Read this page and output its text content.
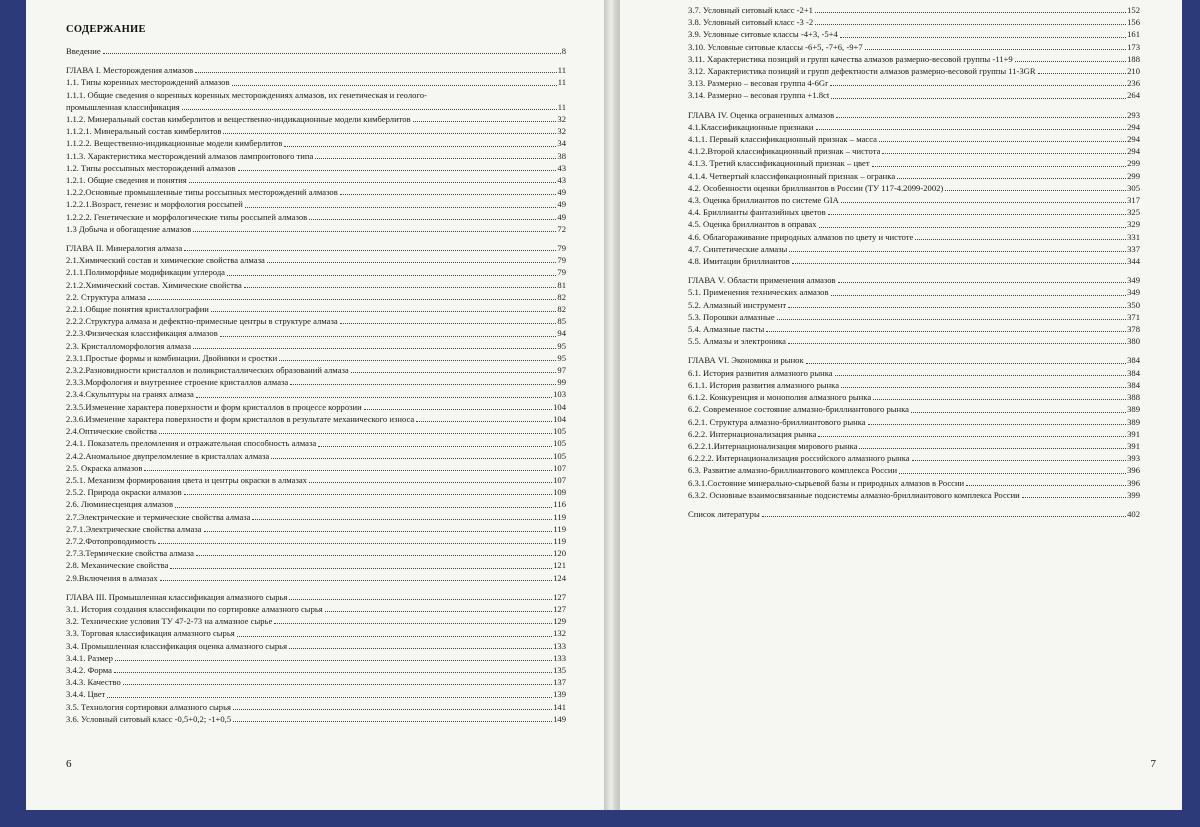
СОДЕРЖАНИЕ
Введение	8
ГЛАВА I. Месторождения алмазов	11
1.1. Типы коренных месторождений алмазов	11
1.1.1. Общие сведения о коренных коренных месторождениях алмазов, их генетическая и геолого-
промышленная классификация	11
1.1.2. Минеральный состав кимберлитов и вещественно-индикационные модели кимберлитов	32
1.1.2.1. Минеральный состав кимберлитов	32
1.1.2.2. Вещественно-индикационные модели кимберлитов	34
1.1.3. Характеристика месторождений алмазов лампроитового типа	38
1.2. Типы россыпных месторождений алмазов	43
1.2.1. Общие сведения и понятия	43
1.2.2.Основные промышленные типы россыпных месторождений алмазов	49
1.2.2.1.Возраст, генезис и морфология россыпей	49
1.2.2.2. Генетические и морфологические типы россыпей алмазов	49
1.3 Добыча и обогащение алмазов	72
ГЛАВА II. Минералогия алмаза	79
2.1.Химический состав и химические свойства алмаза	79
2.1.1.Полиморфные модификации углерода	79
2.1.2.Химический состав. Химические свойства	81
2.2. Структура алмаза	82
2.2.1.Общие понятия кристаллографии	82
2.2.2.Структура алмаза и дефектно-примесные центры в структуре алмаза	85
2.2.3.Физическая классификация алмазов	94
2.3. Кристалломорфология алмаза	95
2.3.1.Простые формы и комбинации. Двойники и сростки	95
2.3.2.Разновидности кристаллов и поликристаллических образований алмаза	97
2.3.3.Морфология и внутреннее строение кристаллов алмаза	99
2.3.4.Скульптуры на гранях алмаза	103
2.3.5.Изменение характера поверхности и форм кристаллов в процессе коррозии	104
2.3.6.Изменение характера поверхности и форм кристаллов в результате механического износа	104
2.4.Оптические свойства	105
2.4.1. Показатель преломления и отражательная способность алмаза	105
2.4.2.Аномальное двупреломление в кристаллах алмаза	105
2.5. Окраска алмазов	107
2.5.1. Механизм формирования цвета и центры окраски в алмазах	107
2.5.2. Природа окраски алмазов	109
2.6. Люминесценция алмазов	116
2.7.Электрические и термические свойства алмаза	119
2.7.1.Электрические свойства алмаза	119
2.7.2.Фотопроводимость	119
2.7.3.Термические свойства алмаза	120
2.8. Механические свойства	121
2.9.Включения в алмазах	124
ГЛАВА III. Промышленная классификация алмазного сырья	127
3.1. История создания классификации по сортировке алмазного сырья	127
3.2. Технические условия ТУ 47-2-73 на алмазное сырье	129
3.3. Торговая классификация алмазного сырья	132
3.4. Промышленная классификация оценка алмазного сырья	133
3.4.1. Размер	133
3.4.2. Форма	135
3.4.3. Качество	137
3.4.4. Цвет	139
3.5. Технология сортировки алмазного сырья	141
3.6. Условный ситовый класс -0,5+0,2; -1+0,5	149
6
3.7. Условный ситовый класс -2+1	152
3.8. Условный ситовый класс -3 -2	156
3.9. Условные ситовые классы -4+3, -5+4	161
3.10. Условные ситовые классы -6+5, -7+6, -9+7	173
3.11. Характеристика позиций и групп качества алмазов размерно-весовой группы -11+9	188
3.12. Характеристика позиций и групп дефектности алмазов размерно-весовой группы 11-3GR	210
3.13. Размерно – весовая группа 4-6Gr	236
3.14. Размерно – весовая группа +1.8ct	264
ГЛАВА IV. Оценка ограненных алмазов	293
4.1.Классификационные признаки	294
4.1.1. Первый классификационный признак – масса	294
4.1.2.Второй классификационный признак – чистота	294
4.1.3. Третий классификационный признак – цвет	299
4.1.4. Четвертый классификационный признак – огранка	299
4.2. Особенности оценки бриллиантов в России (ТУ 117-4.2099-2002)	305
4.3. Оценка бриллиантов по системе GIA	317
4.4. Бриллианты фантазийных цветов	325
4.5. Оценка бриллиантов в оправах	329
4.6. Облагораживание природных алмазов по цвету и чистоте	331
4.7. Синтетические алмазы	337
4.8. Имитации бриллиантов	344
ГЛАВА V. Области применения алмазов	349
5.1. Применения технических алмазов	349
5.2. Алмазный инструмент	350
5.3. Порошки алмазные	371
5.4. Алмазные пасты	378
5.5. Алмазы и электроника	380
ГЛАВА VI. Экономика и рынок	384
6.1. История развития алмазного рынка	384
6.1.1. История развития алмазного рынка	384
6.1.2. Конкуренция и монополия алмазного рынка	388
6.2. Современное состояние алмазно-бриллиантового рынка	389
6.2.1. Структура алмазно-бриллиантового рынка	389
6.2.2. Интернационализация рынка	391
6.2.2.1.Интернационализация мирового рынка	391
6.2.2.2. Интернационализация российского алмазного рынка	393
6.3. Развитие алмазно-бриллиантового комплекса России	396
6.3.1.Состояние минерально-сырьевой базы и природных алмазов в России	396
6.3.2. Основные взаимосвязанные подсистемы алмазно-бриллиантового комплекса России	399
Список литературы	402
7
